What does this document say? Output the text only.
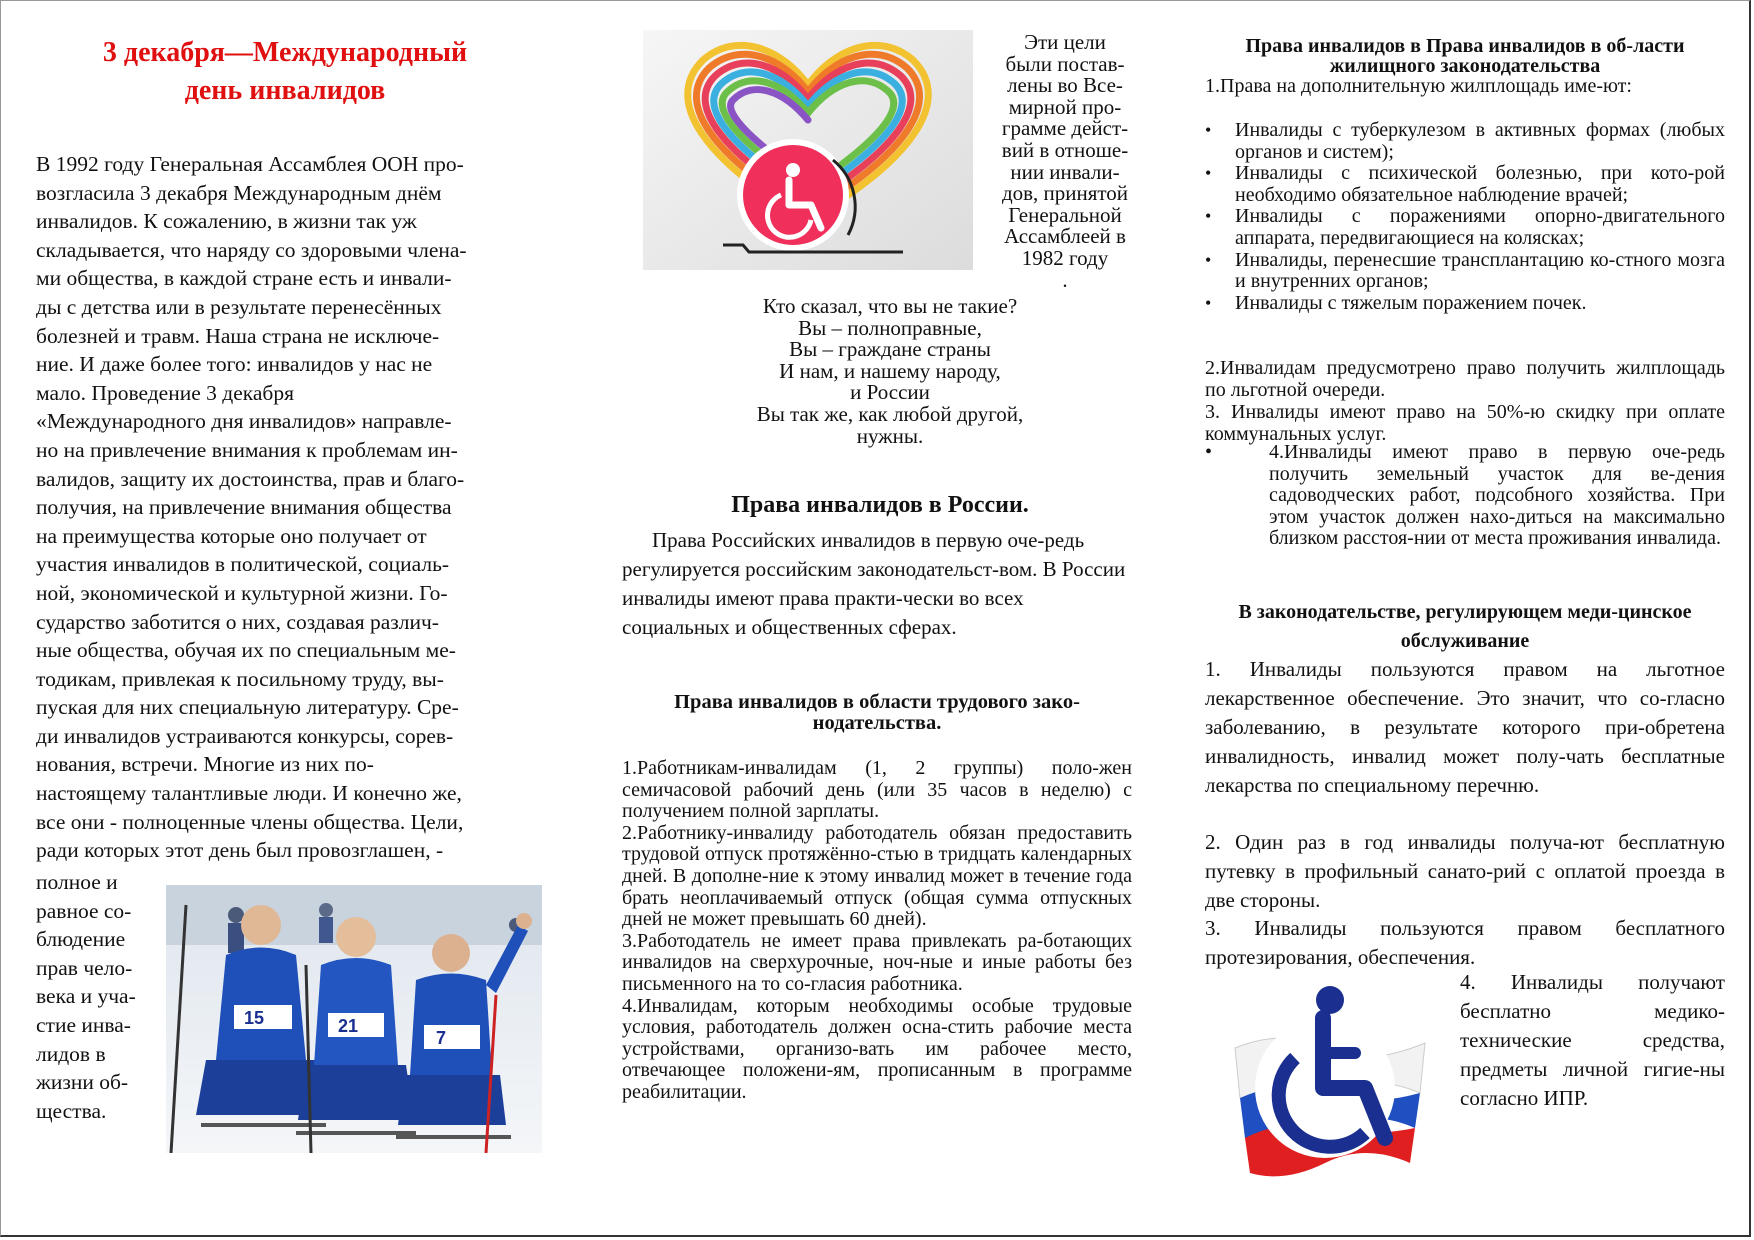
3 декабря—Международный
день инвалидов
В 1992 году Генеральная Ассамблея ООН про-
возгласила 3 декабря Международным днём
инвалидов. К сожалению, в жизни так уж
складывается, что наряду со здоровыми члена-
ми общества, в каждой стране есть и инвали-
ды с детства или в результате перенесённых
болезней и травм. Наша страна не исключе-
ние. И даже более того: инвалидов у нас не
мало. Проведение 3 декабря
«Международного дня инвалидов» направле-
но на привлечение внимания к проблемам ин-
валидов, защиту их достоинства, прав и благо-
получия, на привлечение внимания общества
на преимущества которые оно получает от
участия инвалидов в политической, социаль-
ной, экономической и культурной жизни. Го-
сударство заботится о них, создавая различ-
ные общества, обучая их по специальным ме-
тодикам, привлекая к посильному труду, вы-
пуская для них специальную литературу. Сре-
ди инвалидов устраиваются конкурсы, сорев-
нования, встречи. Многие из них по-
настоящему талантливые люди. И конечно же,
все они - полноценные члены общества. Цели,
ради которых этот день был провозглашен, -
полное и
равное со-
блюдение
прав чело-
века и уча-
стие инва-
лидов в
жизни об-
щества.
15	21
7
Эти цели
были постав-
лены во Все-
мирной про-
грамме дейст-
вий в отноше-
нии инвали-
дов, принятой
Генеральной
Ассамблеей в
1982 году
.
Кто сказал, что вы не такие?
Вы – полноправные,
Вы – граждане страны
И нам, и нашему народу,
и России
Вы так же, как любой другой,
нужны.
Права инвалидов в России.
Права Российских инвалидов в первую оче-редь регулируется российским законодательст-вом. В России инвалиды имеют права практи-чески во всех социальных и общественных сферах.
Права инвалидов в области трудового зако-нодательства.
1.Работникам-инвалидам (1, 2 группы) поло-жен семичасовой рабочий день (или 35 часов в неделю) с получением полной зарплаты.
2.Работнику-инвалиду работодатель обязан предоставить трудовой отпуск протяжённо-стью в тридцать календарных дней. В дополне-ние к этому инвалид может в течение года брать неоплачиваемый отпуск (общая сумма отпускных дней не может превышать 60 дней).
3.Работодатель не имеет права привлекать ра-ботающих инвалидов на сверхурочные, ноч-ные и иные работы без письменного на то со-гласия работника.
4.Инвалидам, которым необходимы особые трудовые условия, работодатель должен осна-стить рабочие места устройствами, организо-вать им рабочее место, отвечающее положени-ям, прописанным в программе реабилитации.
Права инвалидов в Права инвалидов в об-ласти жилищного законодательства
1.Права на дополнительную жилплощадь име-ют:
• Инвалиды с туберкулезом в активных формах (любых органов и систем);
• Инвалиды с психической болезнью, при кото-рой необходимо обязательное наблюдение врачей;
• Инвалиды с поражениями опорно-двигательного аппарата, передвигающиеся на колясках;
• Инвалиды, перенесшие трансплантацию ко-стного мозга и внутренних органов;
• Инвалиды с тяжелым поражением почек.
2.Инвалидам предусмотрено право получить жилплощадь по льготной очереди.
3. Инвалиды имеют право на 50%-ю скидку при оплате коммунальных услуг.
•	4.Инвалиды имеют право в первую оче-редь получить земельный участок для ве-дения садоводческих работ, подсобного хозяйства. При этом участок должен нахо-диться на максимально близком расстоя-нии от места проживания инвалида.
В законодательстве, регулирующем меди-цинское обслуживание
1. Инвалиды пользуются правом на льготное лекарственное обеспечение. Это значит, что со-гласно заболеванию, в результате которого при-обретена инвалидность, инвалид может полу-чать бесплатные лекарства по специальному перечню.
2. Один раз в год инвалиды получа-ют бесплатную путевку в профильный санато-рий с оплатой проезда в две стороны.
3. Инвалиды пользуются правом бесплатного протезирования, обеспечения.
4. Инвалиды получают бесплатно медико-технические средства, предметы личной гигие-ны согласно ИПР.
